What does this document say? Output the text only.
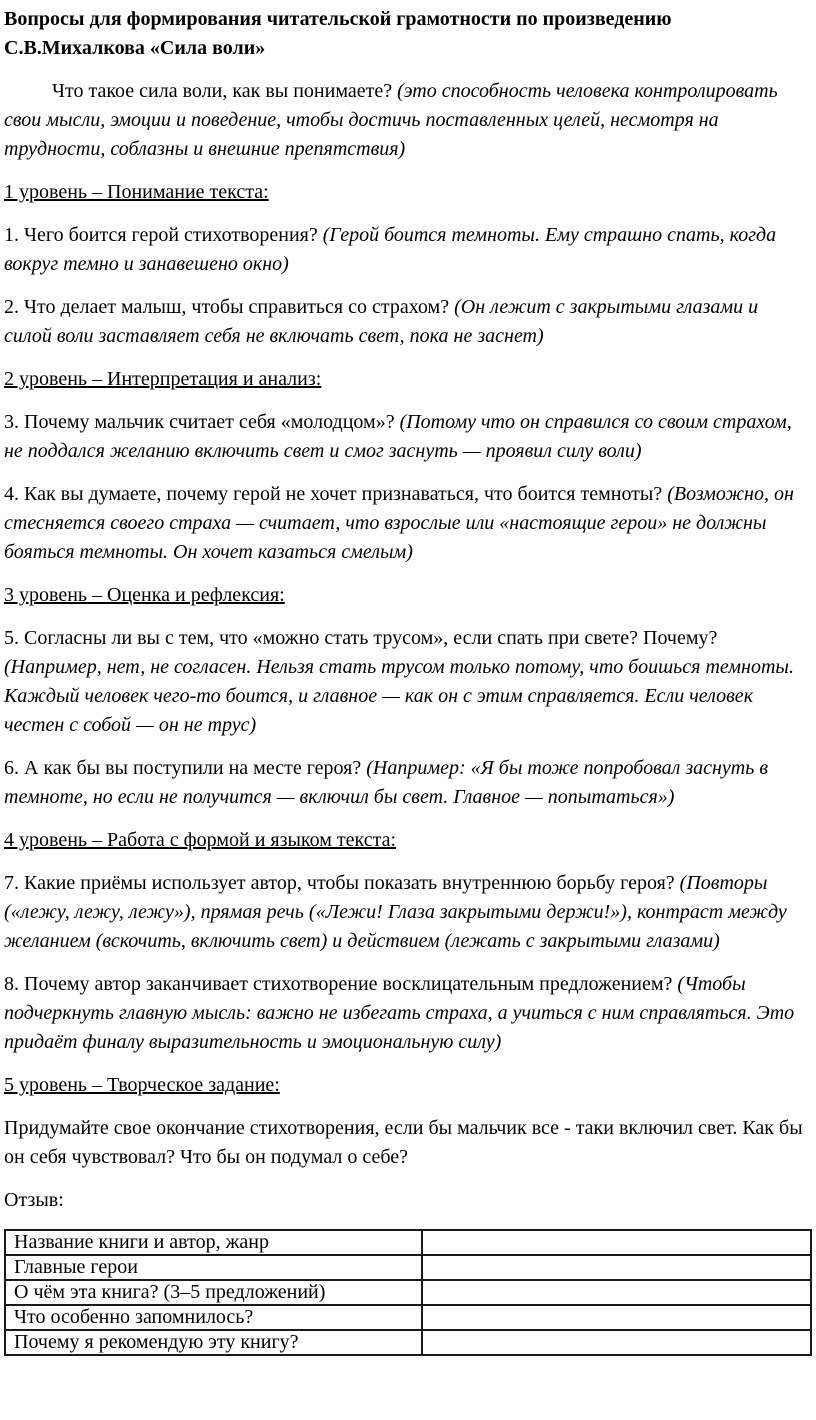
Вопросы для формирования читательской грамотности по произведению С.В.Михалкова «Сила воли»

Что такое сила воли, как вы понимаете? (это способность человека контролировать свои мысли, эмоции и поведение, чтобы достичь поставленных целей, несмотря на трудности, соблазны и внешние препятствия)

1 уровень – Понимание текста:

1. Чего боится герой стихотворения? (Герой боится темноты. Ему страшно спать, когда вокруг темно и занавешено окно)

2. Что делает малыш, чтобы справиться со страхом? (Он лежит с закрытыми глазами и силой воли заставляет себя не включать свет, пока не заснет)

2 уровень – Интерпретация и анализ:

3. Почему мальчик считает себя «молодцом»? (Потому что он справился со своим страхом, не поддался желанию включить свет и смог заснуть — проявил силу воли)

4. Как вы думаете, почему герой не хочет признаваться, что боится темноты? (Возможно, он стесняется своего страха — считает, что взрослые или «настоящие герои» не должны бояться темноты. Он хочет казаться смелым)

3 уровень – Оценка и рефлексия:

5. Согласны ли вы с тем, что «можно стать трусом», если спать при свете? Почему? (Например, нет, не согласен. Нельзя стать трусом только потому, что боишься темноты. Каждый человек чего-то боится, и главное — как он с этим справляется. Если человек честен с собой — он не трус)

6. А как бы вы поступили на месте героя? (Например: «Я бы тоже попробовал заснуть в темноте, но если не получится — включил бы свет. Главное — попытаться»)

4 уровень – Работа с формой и языком текста:

7. Какие приёмы использует автор, чтобы показать внутреннюю борьбу героя? (Повторы («лежу, лежу, лежу»), прямая речь («Лежи! Глаза закрытыми держи!»), контраст между желанием (вскочить, включить свет) и действием (лежать с закрытыми глазами)

8. Почему автор заканчивает стихотворение восклицательным предложением? (Чтобы подчеркнуть главную мысль: важно не избегать страха, а учиться с ним справляться. Это придаёт финалу выразительность и эмоциональную силу)

5 уровень – Творческое задание:

Придумайте свое окончание стихотворения, если бы мальчик все - таки включил свет. Как бы он себя чувствовал? Что бы он подумал о себе?

Отзыв:

Название книги и автор, жанр	
Главные герои	
О чём эта книга? (3–5 предложений)	
Что особенно запомнилось?	
Почему я рекомендую эту книгу?	
